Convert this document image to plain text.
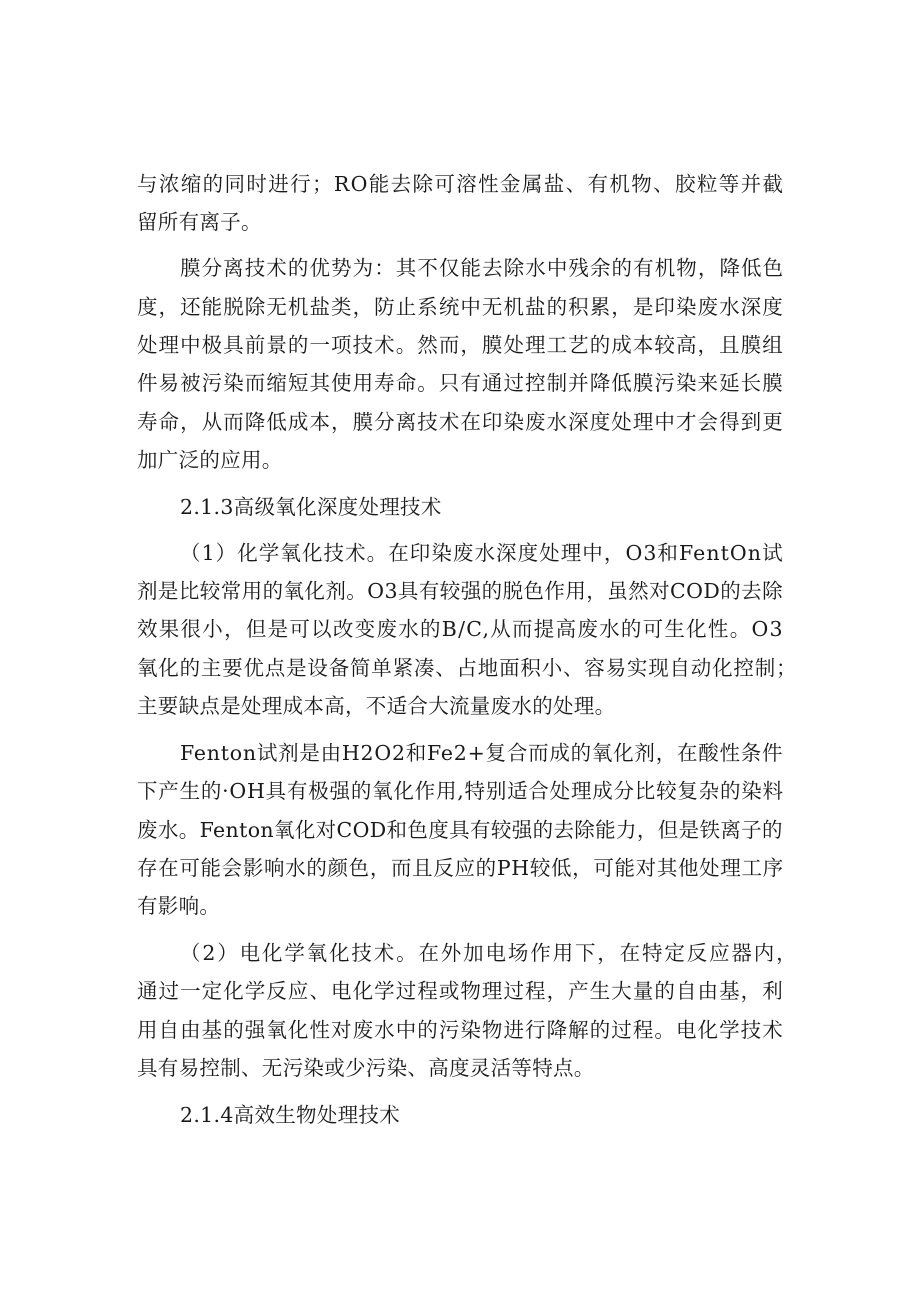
与浓缩的同时进行；RO能去除可溶性金属盐、有机物、胶粒等并截
留所有离子。
膜分离技术的优势为：其不仅能去除水中残余的有机物，降低色
度，还能脱除无机盐类，防止系统中无机盐的积累，是印染废水深度
处理中极具前景的一项技术。然而，膜处理工艺的成本较高，且膜组
件易被污染而缩短其使用寿命。只有通过控制并降低膜污染来延长膜
寿命，从而降低成本，膜分离技术在印染废水深度处理中才会得到更
加广泛的应用。
2.1.3高级氧化深度处理技术
（1）化学氧化技术。在印染废水深度处理中，O3和FentOn试
剂是比较常用的氧化剂。O3具有较强的脱色作用，虽然对COD的去除
效果很小，但是可以改变废水的B/C,从而提高废水的可生化性。O3
氧化的主要优点是设备简单紧凑、占地面积小、容易实现自动化控制；
主要缺点是处理成本高，不适合大流量废水的处理。
Fenton试剂是由H2O2和Fe2+复合而成的氧化剂，在酸性条件
下产生的·OH具有极强的氧化作用,特别适合处理成分比较复杂的染料
废水。Fenton氧化对COD和色度具有较强的去除能力，但是铁离子的
存在可能会影响水的颜色，而且反应的PH较低，可能对其他处理工序
有影响。
（2）电化学氧化技术。在外加电场作用下，在特定反应器内，
通过一定化学反应、电化学过程或物理过程，产生大量的自由基，利
用自由基的强氧化性对废水中的污染物进行降解的过程。电化学技术
具有易控制、无污染或少污染、高度灵活等特点。
2.1.4高效生物处理技术
